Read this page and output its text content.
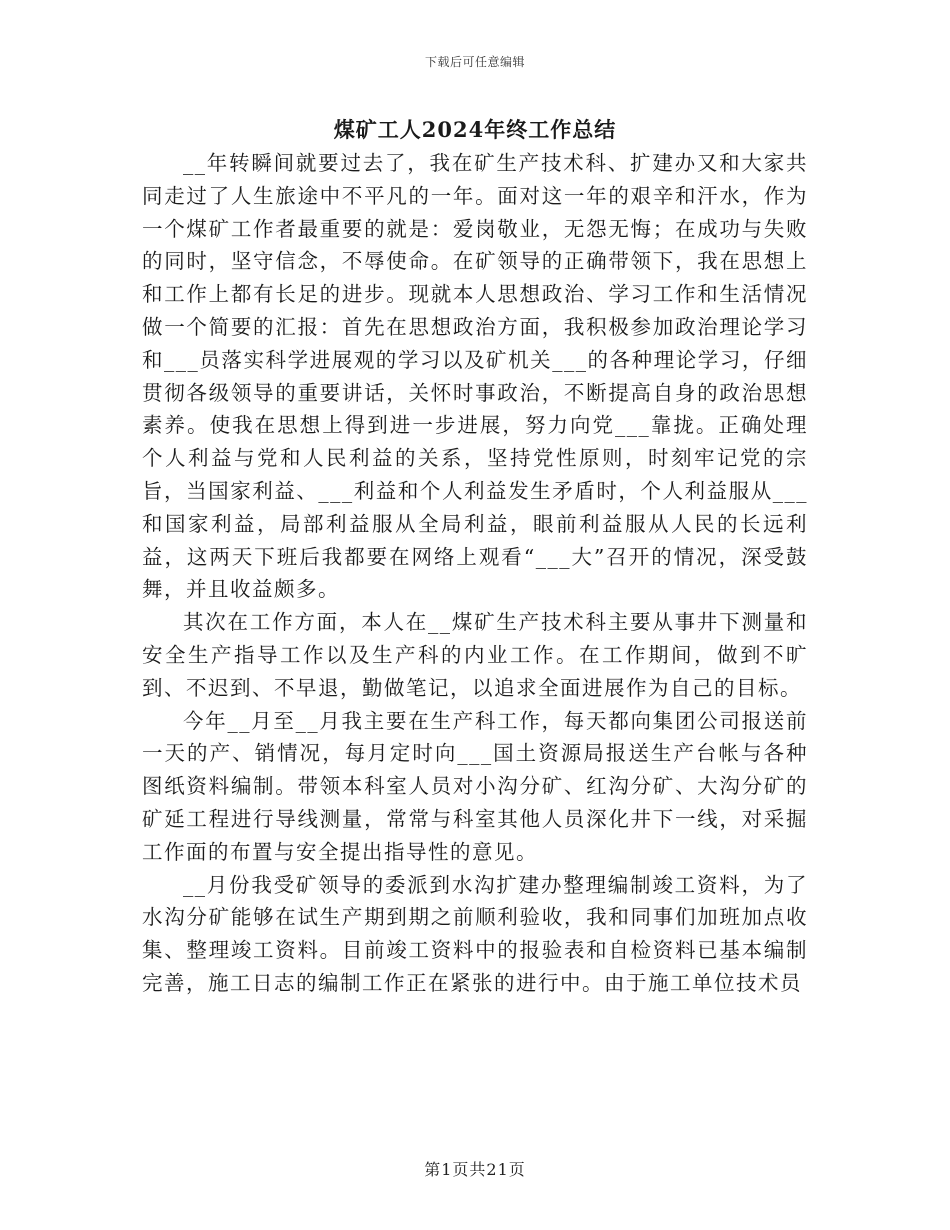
下载后可任意编辑
煤矿工人2024年终工作总结

__年转瞬间就要过去了，我在矿生产技术科、扩建办又和大家共同走过了人生旅途中不平凡的一年。面对这一年的艰辛和汗水，作为一个煤矿工作者最重要的就是：爱岗敬业，无怨无悔；在成功与失败的同时，坚守信念，不辱使命。在矿领导的正确带领下，我在思想上和工作上都有长足的进步。现就本人思想政治、学习工作和生活情况做一个简要的汇报：首先在思想政治方面，我积极参加政治理论学习和___员落实科学进展观的学习以及矿机关___的各种理论学习，仔细贯彻各级领导的重要讲话，关怀时事政治，不断提高自身的政治思想素养。使我在思想上得到进一步进展，努力向党___靠拢。正确处理个人利益与党和人民利益的关系，坚持党性原则，时刻牢记党的宗旨，当国家利益、___利益和个人利益发生矛盾时，个人利益服从___和国家利益，局部利益服从全局利益，眼前利益服从人民的长远利益，这两天下班后我都要在网络上观看“___大”召开的情况，深受鼓舞，并且收益颇多。

其次在工作方面，本人在__煤矿生产技术科主要从事井下测量和安全生产指导工作以及生产科的内业工作。在工作期间，做到不旷到、不迟到、不早退，勤做笔记，以追求全面进展作为自己的目标。

今年__月至__月我主要在生产科工作，每天都向集团公司报送前一天的产、销情况，每月定时向___国土资源局报送生产台帐与各种图纸资料编制。带领本科室人员对小沟分矿、红沟分矿、大沟分矿的矿延工程进行导线测量，常常与科室其他人员深化井下一线，对采掘工作面的布置与安全提出指导性的意见。

__月份我受矿领导的委派到水沟扩建办整理编制竣工资料，为了水沟分矿能够在试生产期到期之前顺利验收，我和同事们加班加点收集、整理竣工资料。目前竣工资料中的报验表和自检资料已基本编制完善，施工日志的编制工作正在紧张的进行中。由于施工单位技术员

第1页共21页
